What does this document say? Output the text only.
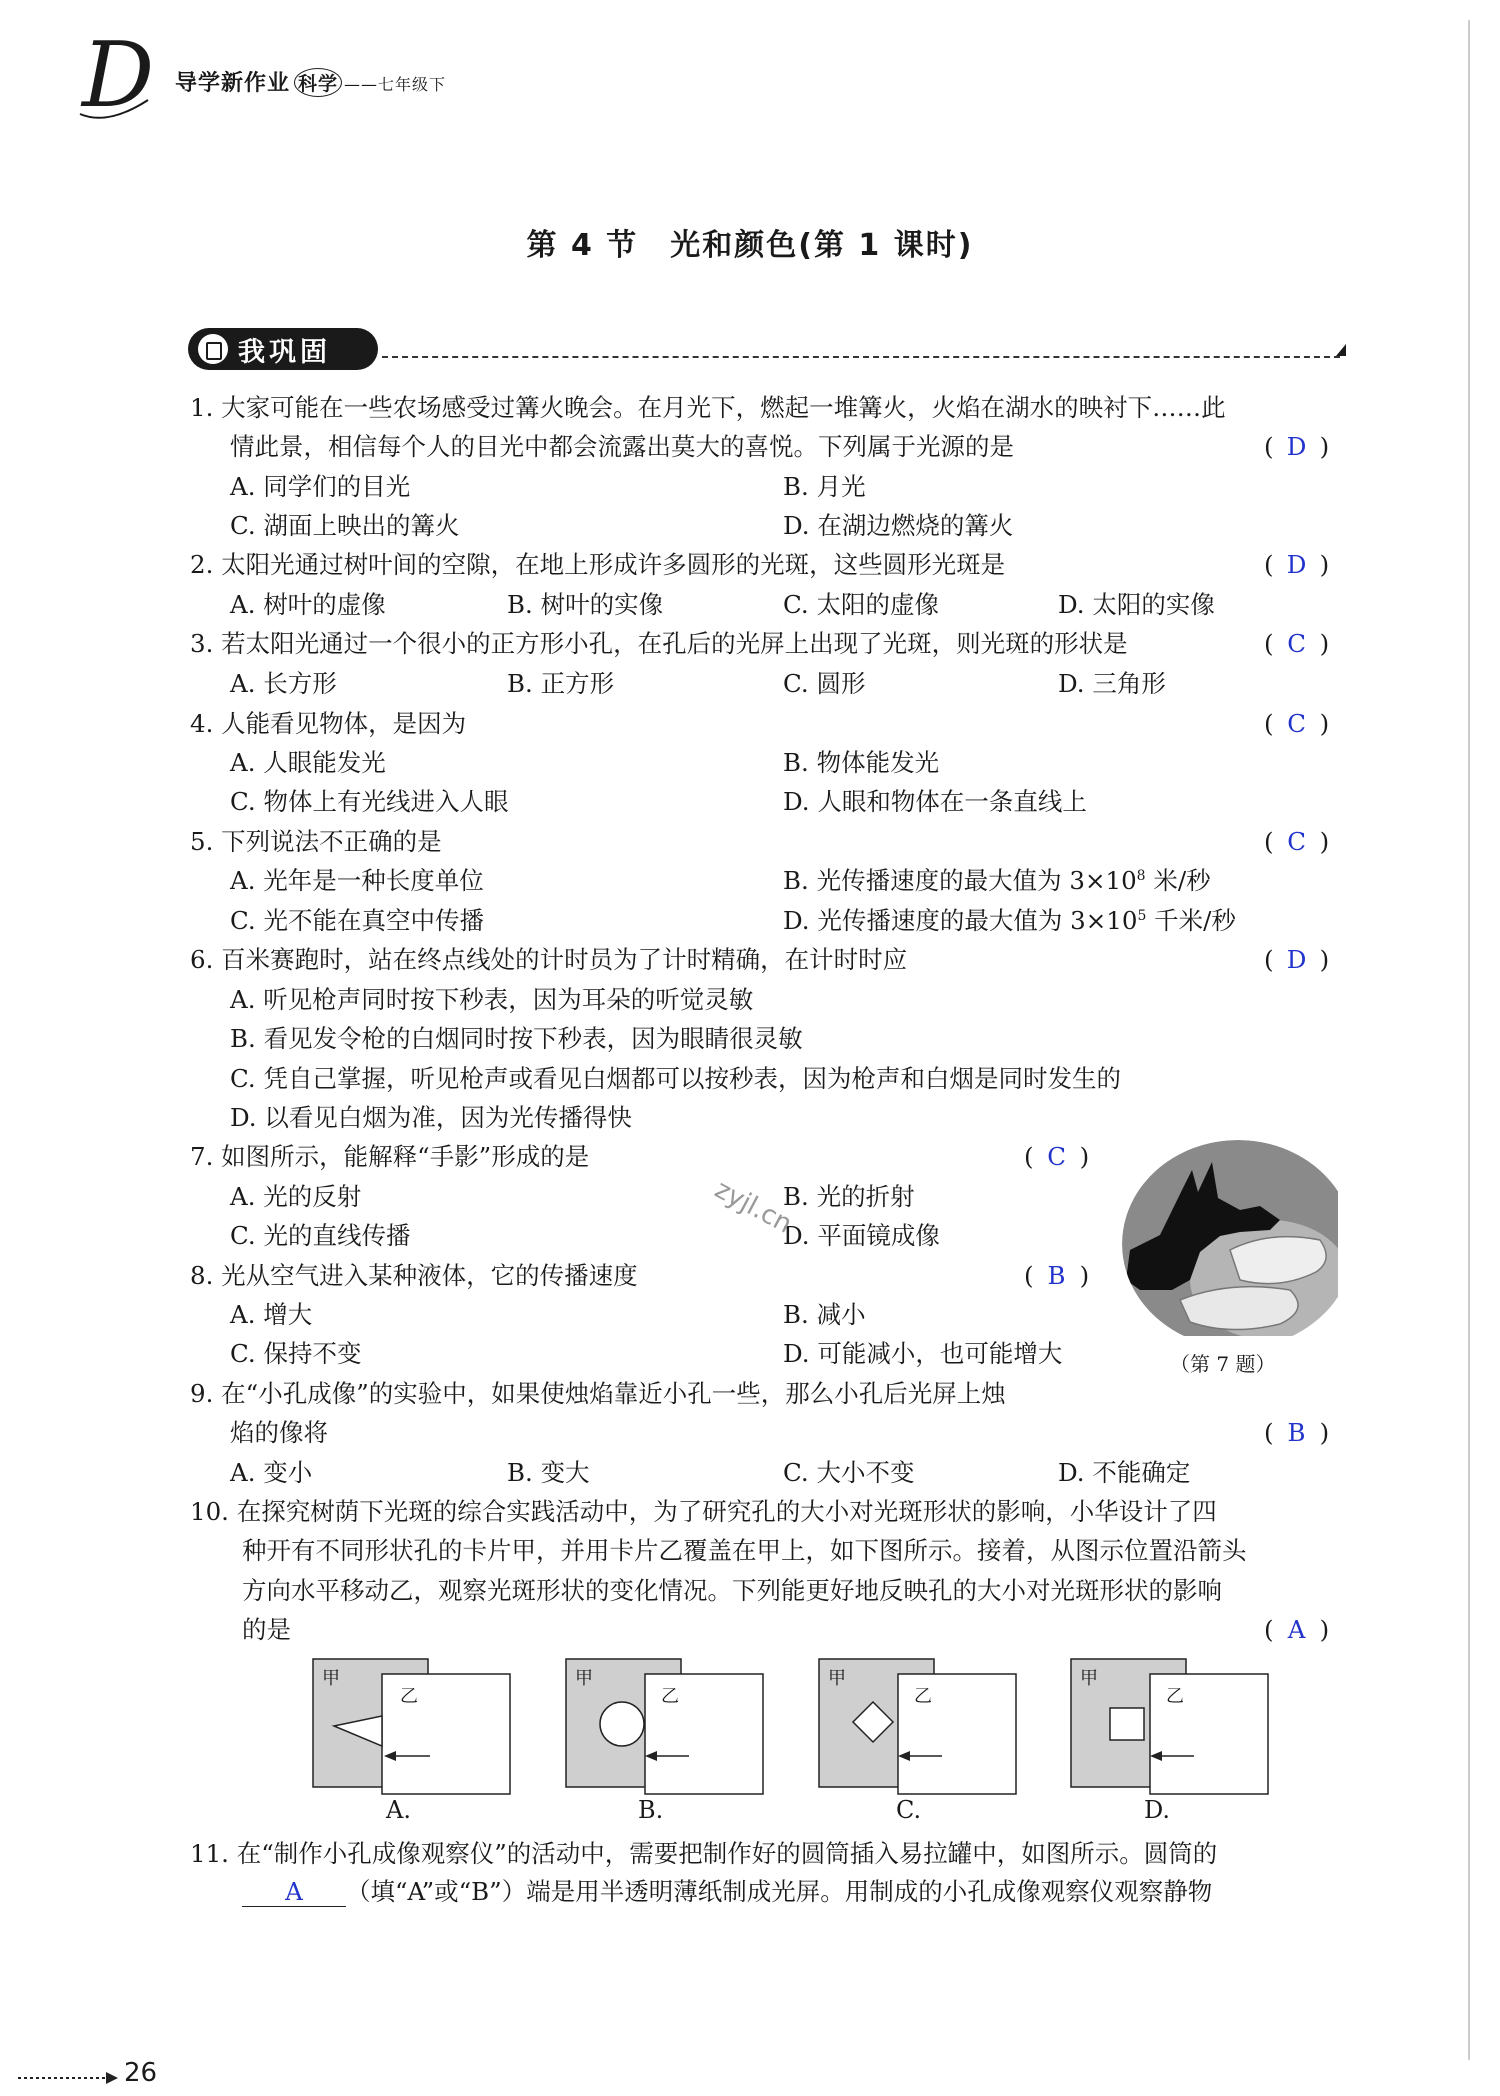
D 导学新作业 科学 ——七年级下
第 4 节　光和颜色(第 1 课时)
我巩固
1. 大家可能在一些农场感受过篝火晚会。在月光下，燃起一堆篝火，火焰在湖水的映衬下……此
情此景，相信每个人的目光中都会流露出莫大的喜悦。下列属于光源的是	( D )
A. 同学们的目光	B. 月光
C. 湖面上映出的篝火	D. 在湖边燃烧的篝火
2. 太阳光通过树叶间的空隙，在地上形成许多圆形的光斑，这些圆形光斑是	( D )
A. 树叶的虚像	B. 树叶的实像	C. 太阳的虚像	D. 太阳的实像
3. 若太阳光通过一个很小的正方形小孔，在孔后的光屏上出现了光斑，则光斑的形状是	( C )
A. 长方形	B. 正方形	C. 圆形	D. 三角形
4. 人能看见物体，是因为	( C )
A. 人眼能发光	B. 物体能发光
C. 物体上有光线进入人眼	D. 人眼和物体在一条直线上
5. 下列说法不正确的是	( C )
A. 光年是一种长度单位	B. 光传播速度的最大值为 $3\times 10^8$ 米/秒
C. 光不能在真空中传播	D. 光传播速度的最大值为 $3\times 10^5$ 千米/秒
6. 百米赛跑时，站在终点线处的计时员为了计时精确，在计时时应	( D )
A. 听见枪声同时按下秒表，因为耳朵的听觉灵敏
B. 看见发令枪的白烟同时按下秒表，因为眼睛很灵敏
C. 凭自己掌握，听见枪声或看见白烟都可以按秒表，因为枪声和白烟是同时发生的
D. 以看见白烟为准，因为光传播得快
7. 如图所示，能解释“手影”形成的是	( C )
A. 光的反射	B. 光的折射
C. 光的直线传播	D. 平面镜成像
（第 7 题）
zyjl.cn
8. 光从空气进入某种液体，它的传播速度	( B )
A. 增大	B. 减小
C. 保持不变	D. 可能减小，也可能增大
9. 在“小孔成像”的实验中，如果使烛焰靠近小孔一些，那么小孔后光屏上烛
焰的像将	( B )
A. 变小	B. 变大	C. 大小不变	D. 不能确定
10. 在探究树荫下光斑的综合实践活动中，为了研究孔的大小对光斑形状的影响，小华设计了四
种开有不同形状孔的卡片甲，并用卡片乙覆盖在甲上，如下图所示。接着，从图示位置沿箭头
方向水平移动乙，观察光斑形状的变化情况。下列能更好地反映孔的大小对光斑形状的影响
的是	( A )
甲
乙
甲
乙
甲
乙
甲
乙
A.	B.	C.	D.
11. 在“制作小孔成像观察仪”的活动中，需要把制作好的圆筒插入易拉罐中，如图所示。圆筒的
A （填“A”或“B”）端是用半透明薄纸制成光屏。用制成的小孔成像观察仪观察静物
26
